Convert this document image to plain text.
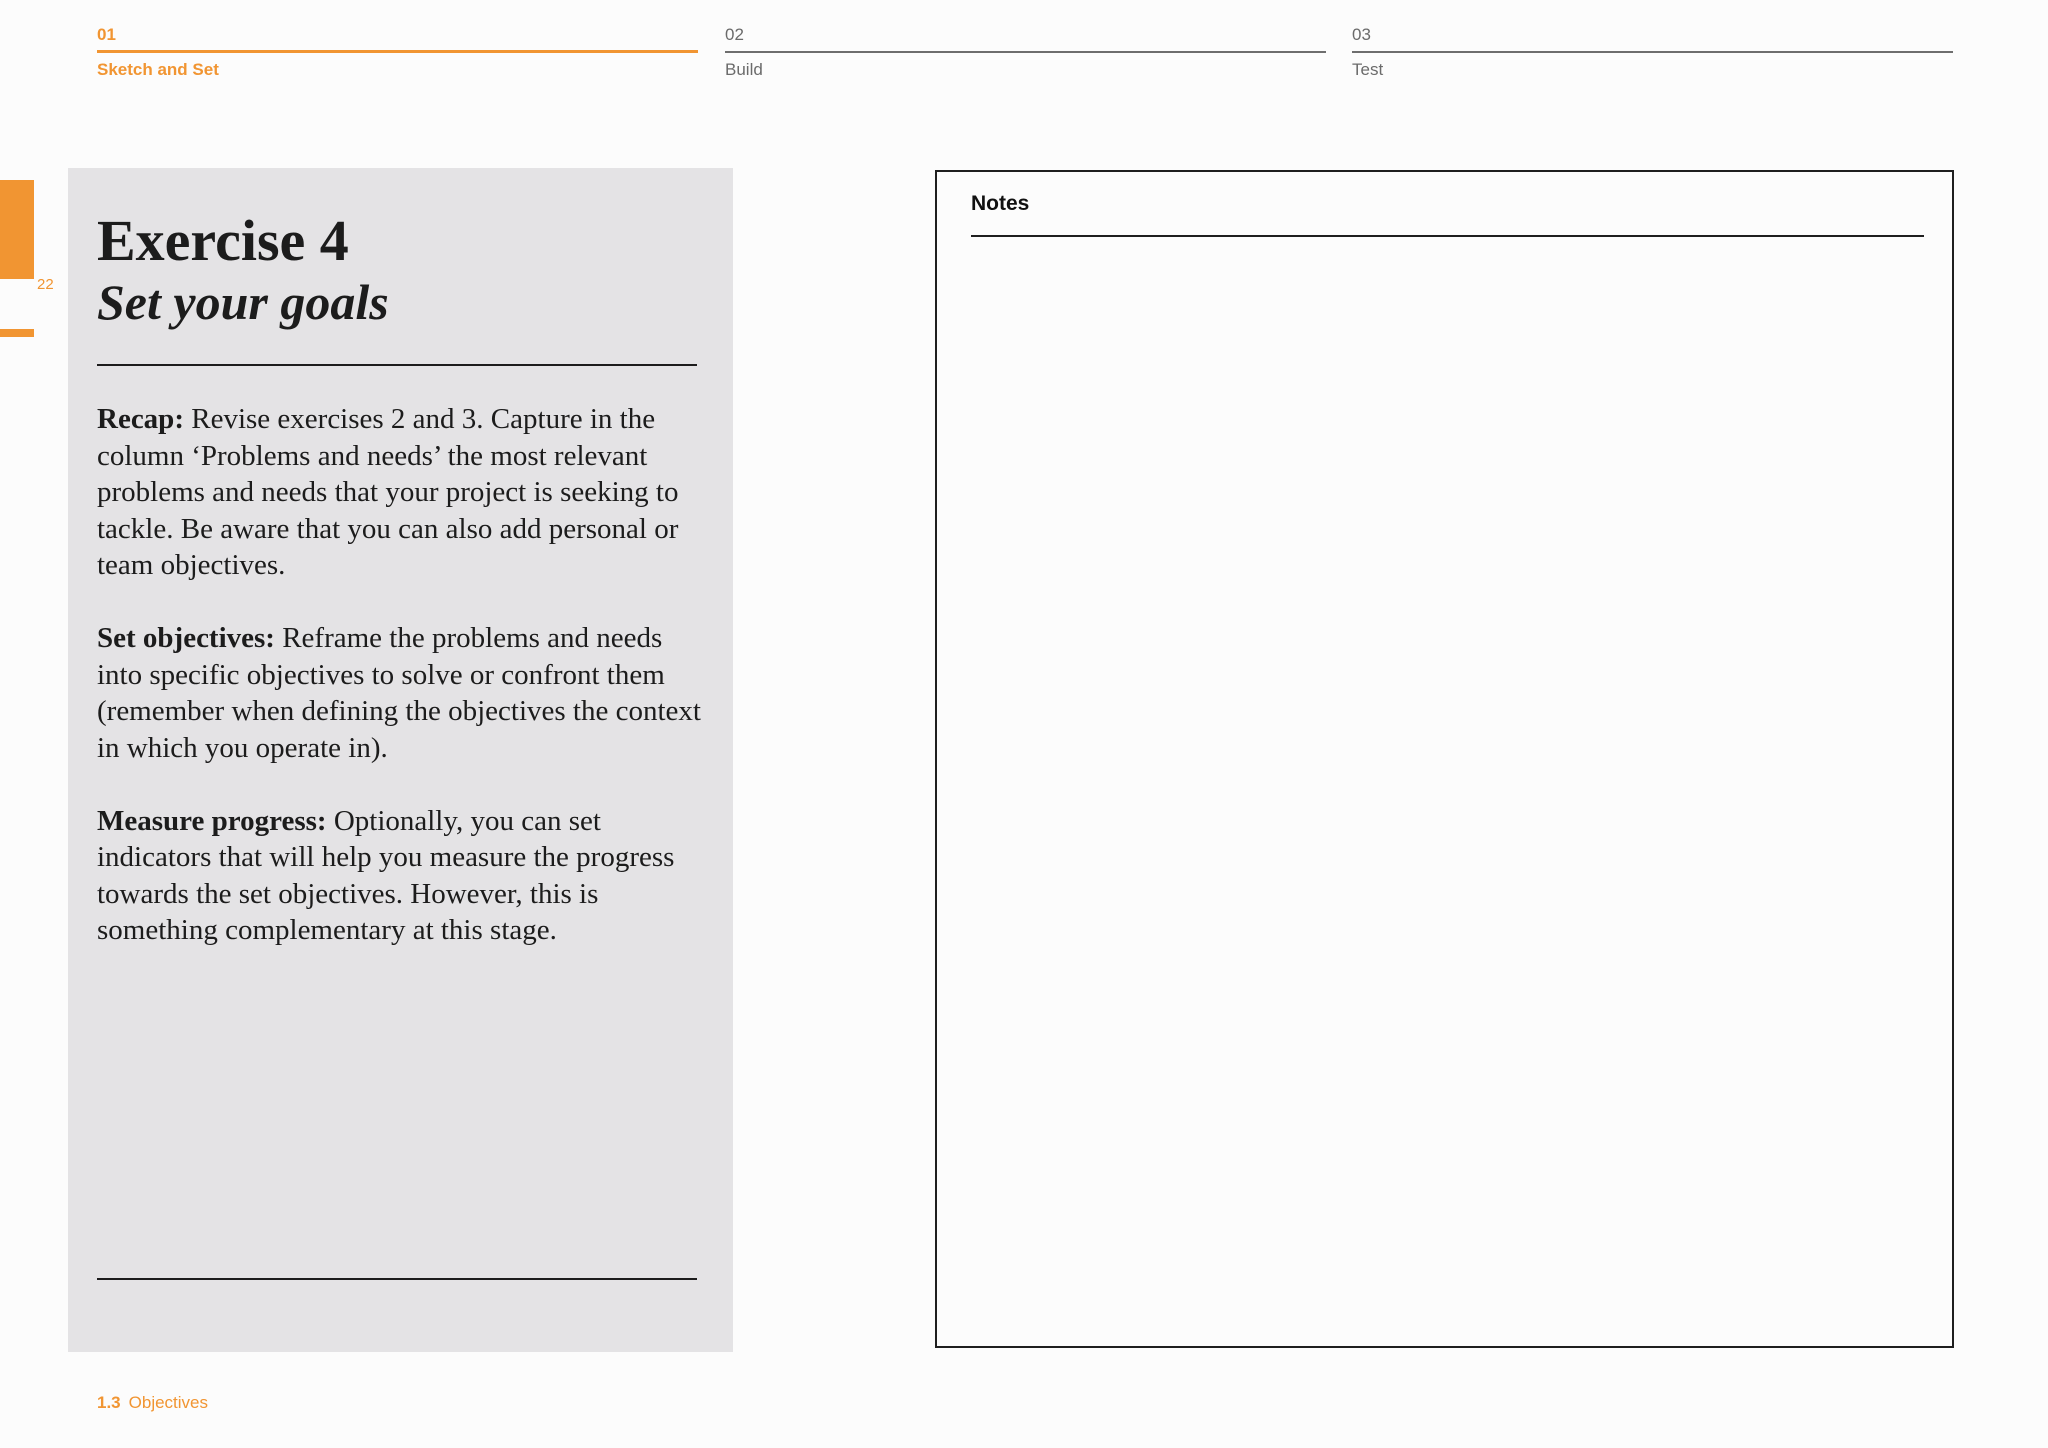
01
Sketch and Set
02
Build
03
Test
22
Exercise 4
Set your goals

Recap: Revise exercises 2 and 3. Capture in the column ‘Problems and needs’ the most relevant problems and needs that your project is seeking to tackle. Be aware that you can also add personal or team objectives.

Set objectives: Reframe the problems and needs into specific objectives to solve or confront them (remember when defining the objectives the context in which you operate in).

Measure progress: Optionally, you can set indicators that will help you measure the progress towards the set objectives. However, this is something complementary at this stage.

Notes
1.3 Objectives
